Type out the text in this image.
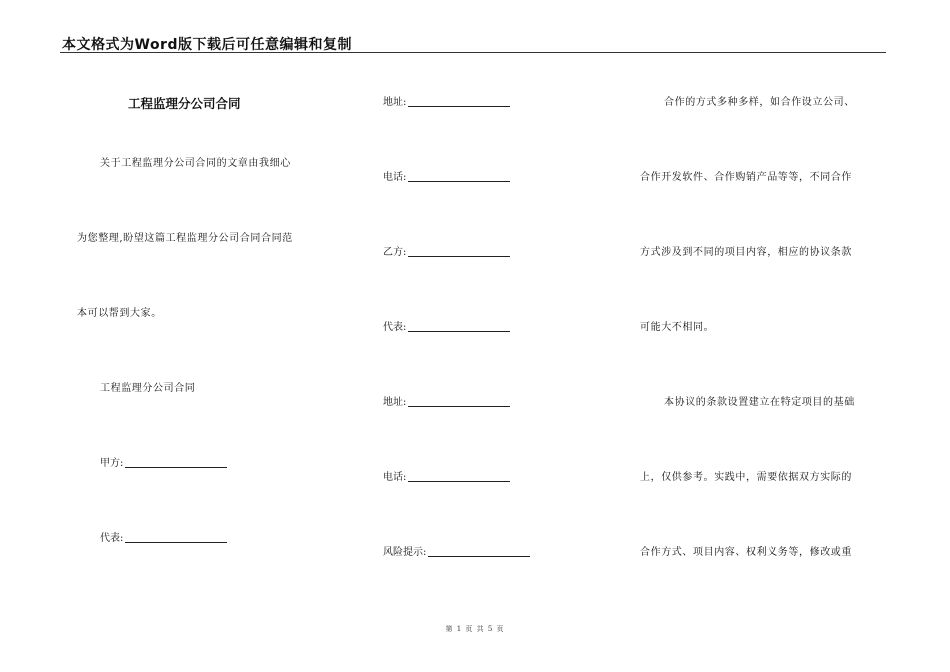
本文格式为Word版下载后可任意编辑和复制
工程监理分公司合同
关于工程监理分公司合同的文章由我细心
为您整理,盼望这篇工程监理分公司合同合同范
本可以帮到大家。
工程监理分公司合同
甲方:
代表:
地址:
电话:
乙方:
代表:
地址:
电话:
风险提示:
合作的方式多种多样，如合作设立公司、
合作开发软件、合作购销产品等等，不同合作
方式涉及到不同的项目内容，相应的协议条款
可能大不相同。
本协议的条款设置建立在特定项目的基础
上，仅供参考。实践中，需要依据双方实际的
合作方式、项目内容、权利义务等，修改或重
第 1 页 共 5 页
